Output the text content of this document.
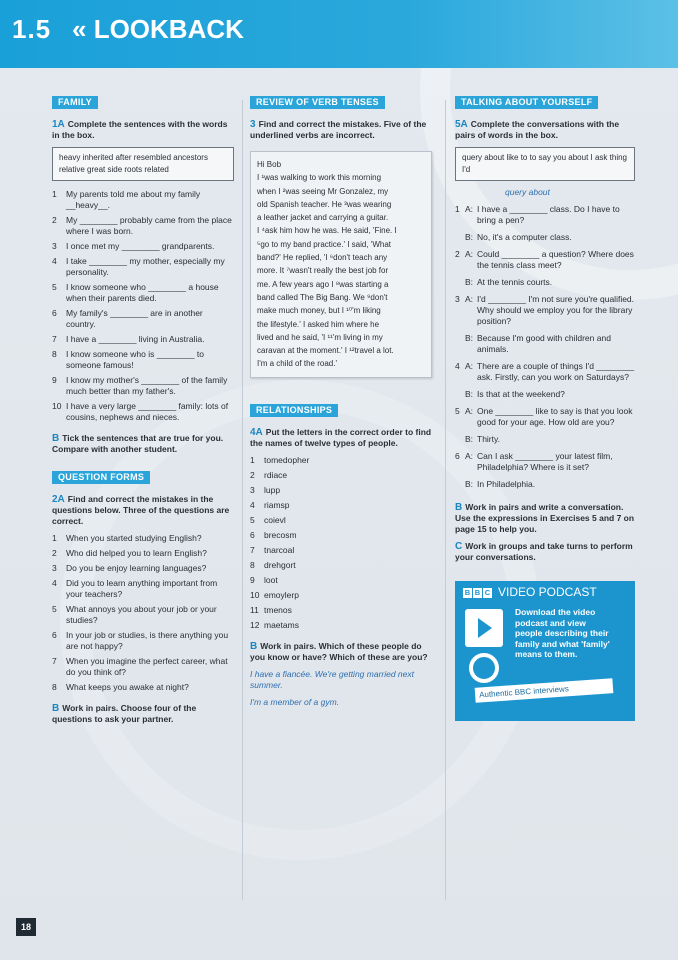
1.5 « LOOKBACK
FAMILY
1A Complete the sentences with the words in the box.
heavy inherited after resembled ancestors relative great side roots related
1	My parents told me about my family __heavy__.
2	My ________ probably came from the place where I was born.
3	I once met my ________ grandparents.
4	I take ________ my mother, especially my personality.
5	I know someone who ________ a house when their parents died.
6	My family's ________ are in another country.
7	I have a ________ living in Australia.
8	I know someone who is ________ to someone famous!
9	I know my mother's ________ of the family much better than my father's.
10 I have a very large ________ family: lots of cousins, nephews and nieces.
B Tick the sentences that are true for you. Compare with another student.
QUESTION FORMS
2A Find and correct the mistakes in the questions below. Three of the questions are correct.
1	When you started studying English?
2	Who did helped you to learn English?
3	Do you be enjoy learning languages?
4	Did you to learn anything important from your teachers?
5	What annoys you about your job or your studies?
6	In your job or studies, is there anything you are not happy?
7	When you imagine the perfect career, what do you think of?
8	What keeps you awake at night?
B Work in pairs. Choose four of the questions to ask your partner.
REVIEW OF VERB TENSES
3 Find and correct the mistakes. Five of the underlined verbs are incorrect.
Hi Bob
I ¹was walking to work this morning
when I ²was seeing Mr Gonzalez, my
old Spanish teacher. He ³was wearing
a leather jacket and carrying a guitar.
I ⁴ask him how he was. He said, 'Fine. I
⁵go to my band practice.' I said, 'What
band?' He replied, 'I ⁶don't teach any
more. It ⁷wasn't really the best job for
me. A few years ago I ⁸was starting a
band called The Big Bang. We ⁹don't
make much money, but I ¹⁰'m liking
the lifestyle.' I asked him where he
lived and he said, 'I ¹¹'m living in my
caravan at the moment.' I ¹²travel a lot.
I'm a child of the road.'
RELATIONSHIPS
4A Put the letters in the correct order to find the names of twelve types of people.
1	tomedopher
2	rdiace
3	lupp
4	riamsp
5	coievl
6	brecosm
7	tnarcoal
8	drehgort
9	loot
10 emoylerp
11 tmenos
12 maetams
B Work in pairs. Which of these people do you know or have? Which of these are you?
I have a fiancée. We're getting married next summer.
I'm a member of a gym.
TALKING ABOUT YOURSELF
5A Complete the conversations with the pairs of words in the box.
query about like to to say you about I ask thing I'd
query about
1 A: I have a ________ class. Do I have to bring a pen?
B: No, it's a computer class.
2 A: Could ________ a question? Where does the tennis class meet?
B: At the tennis courts.
3 A: I'd ________ I'm not sure you're qualified. Why should we employ you for the library position?
B: Because I'm good with children and animals.
4 A: There are a couple of things I'd ________ ask. Firstly, can you work on Saturdays?
B: Is that at the weekend?
5 A: One ________ like to say is that you look good for your age. How old are you?
B: Thirty.
6 A: Can I ask ________ your latest film, Philadelphia? Where is it set?
B: In Philadelphia.
B Work in pairs and write a conversation. Use the expressions in Exercises 5 and 7 on page 15 to help you.
C Work in groups and take turns to perform your conversations.
B B C VIDEO PODCAST
Download the video podcast and view people describing their family and what 'family' means to them.
Authentic BBC interviews
18
